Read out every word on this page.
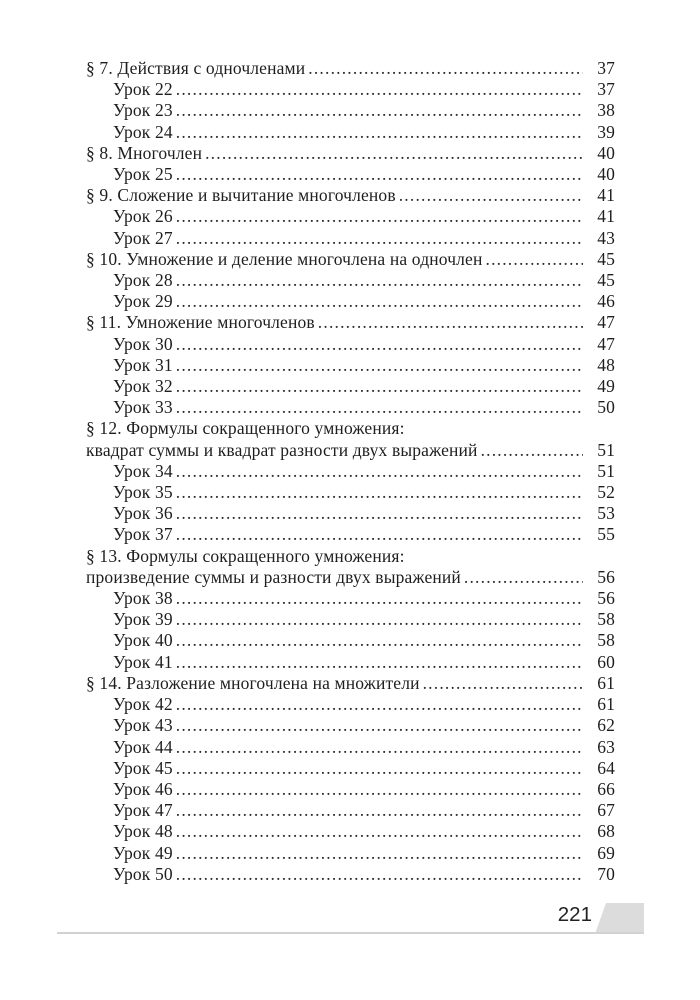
§ 7. Действия с одночленами .....	37
Урок 22 .....	37
Урок 23 .....	38
Урок 24 .....	39
§ 8. Многочлен .....	40
Урок 25 .....	40
§ 9. Сложение и вычитание многочленов .....	41
Урок 26 .....	41
Урок 27 .....	43
§ 10. Умножение и деление многочлена на одночлен .....	45
Урок 28 .....	45
Урок 29 .....	46
§ 11. Умножение многочленов .....	47
Урок 30 .....	47
Урок 31 .....	48
Урок 32 .....	49
Урок 33 .....	50
§ 12. Формулы сокращенного умножения:
квадрат суммы и квадрат разности двух выражений .....	51
Урок 34 .....	51
Урок 35 .....	52
Урок 36 .....	53
Урок 37 .....	55
§ 13. Формулы сокращенного умножения:
произведение суммы и разности двух выражений .....	56
Урок 38 .....	56
Урок 39 .....	58
Урок 40 .....	58
Урок 41 .....	60
§ 14. Разложение многочлена на множители .....	61
Урок 42 .....	61
Урок 43 .....	62
Урок 44 .....	63
Урок 45 .....	64
Урок 46 .....	66
Урок 47 .....	67
Урок 48 .....	68
Урок 49 .....	69
Урок 50 .....	70
221
